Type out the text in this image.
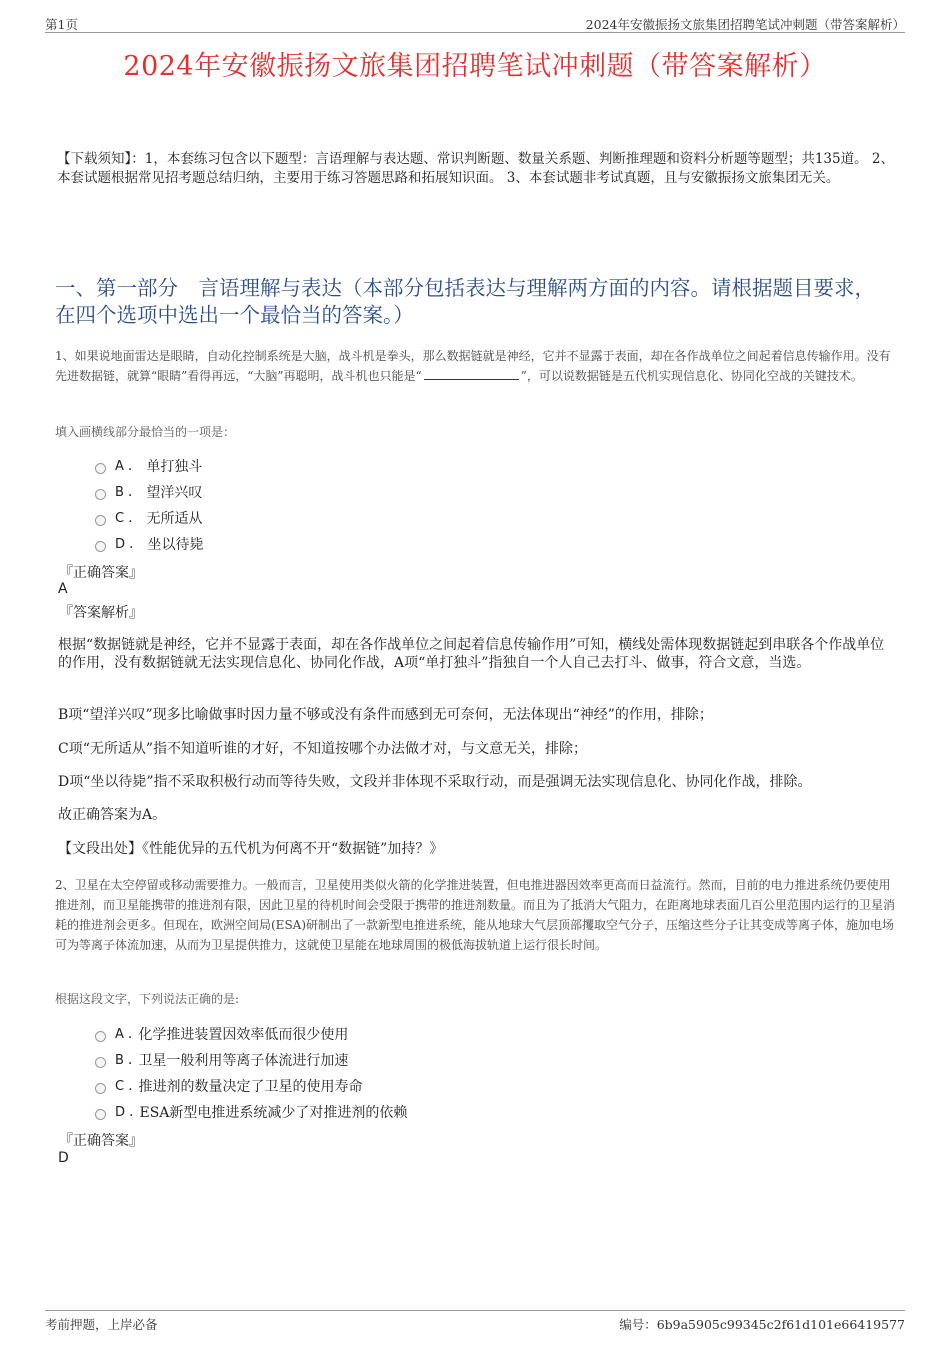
第1页	2024年安徽振扬文旅集团招聘笔试冲刺题（带答案解析）
2024年安徽振扬文旅集团招聘笔试冲刺题（带答案解析）
【下载须知】：1，本套练习包含以下题型：言语理解与表达题、常识判断题、数量关系题、判断推理题和资料分析题等题型；共135道。 2、本套试题根据常见招考题总结归纳，主要用于练习答题思路和拓展知识面。 3、本套试题非考试真题，且与安徽振扬文旅集团无关。
一、第一部分　言语理解与表达（本部分包括表达与理解两方面的内容。请根据题目要求，在四个选项中选出一个最恰当的答案。）
1、如果说地面雷达是眼睛，自动化控制系统是大脑，战斗机是拳头，那么数据链就是神经，它并不显露于表面，却在各作战单位之间起着信息传输作用。没有先进数据链，就算“眼睛”看得再远，“大脑”再聪明，战斗机也只能是“	”，可以说数据链是五代机实现信息化、协同化空战的关键技术。
填入画横线部分最恰当的一项是：
A . 单打独斗
B . 望洋兴叹
C . 无所适从
D . 坐以待毙
『正确答案』
A
『答案解析』
根据“数据链就是神经，它并不显露于表面，却在各作战单位之间起着信息传输作用”可知，横线处需体现数据链起到串联各个作战单位的作用，没有数据链就无法实现信息化、协同化作战，A项“单打独斗”指独自一个人自己去打斗、做事，符合文意，当选。
B项“望洋兴叹”现多比喻做事时因力量不够或没有条件而感到无可奈何，无法体现出“神经”的作用，排除；
C项“无所适从”指不知道听谁的才好，不知道按哪个办法做才对，与文意无关，排除；
D项“坐以待毙”指不采取积极行动而等待失败，文段并非体现不采取行动，而是强调无法实现信息化、协同化作战，排除。
故正确答案为A。
【文段出处】《性能优异的五代机为何离不开“数据链”加持？》
2、卫星在太空停留或移动需要推力。一般而言，卫星使用类似火箭的化学推进装置，但电推进器因效率更高而日益流行。然而，目前的电力推进系统仍要使用推进剂，而卫星能携带的推进剂有限，因此卫星的待机时间会受限于携带的推进剂数量。而且为了抵消大气阻力，在距离地球表面几百公里范围内运行的卫星消耗的推进剂会更多。但现在，欧洲空间局(ESA)研制出了一款新型电推进系统，能从地球大气层顶部攫取空气分子，压缩这些分子让其变成等离子体，施加电场可为等离子体流加速，从而为卫星提供推力，这就使卫星能在地球周围的极低海拔轨道上运行很长时间。
根据这段文字，下列说法正确的是:
A . 化学推进装置因效率低而很少使用
B . 卫星一般利用等离子体流进行加速
C . 推进剂的数量决定了卫星的使用寿命
D . ESA新型电推进系统减少了对推进剂的依赖
『正确答案』
D
考前押题，上岸必备	编号：6b9a5905c99345c2f61d101e66419577
